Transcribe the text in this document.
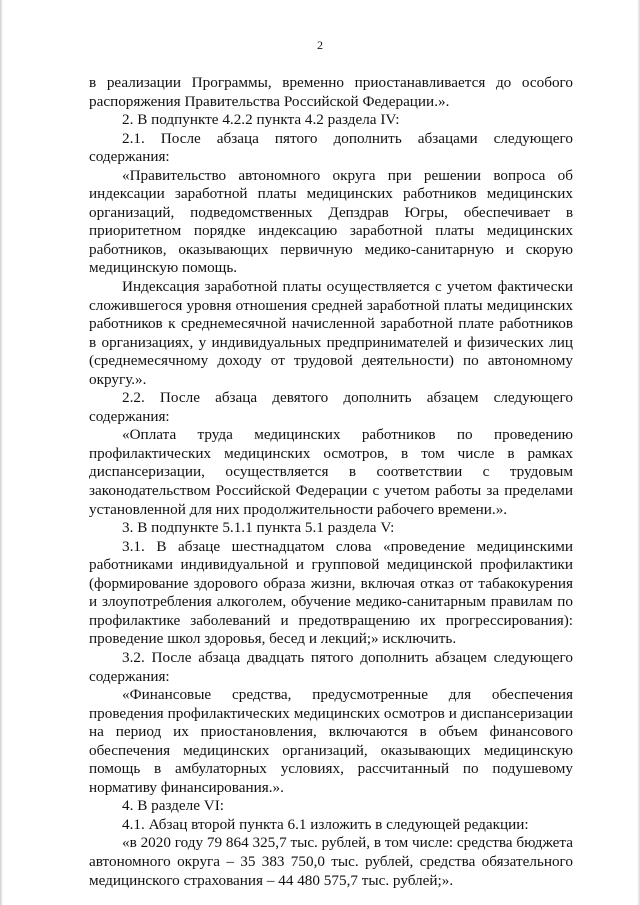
2

в реализации Программы, временно приостанавливается до особого распоряжения Правительства Российской Федерации.».

2. В подпункте 4.2.2 пункта 4.2 раздела IV:

2.1. После абзаца пятого дополнить абзацами следующего содержания:

«Правительство автономного округа при решении вопроса об индексации заработной платы медицинских работников медицинских организаций, подведомственных Депздрав Югры, обеспечивает в приоритетном порядке индексацию заработной платы медицинских работников, оказывающих первичную медико-санитарную и скорую медицинскую помощь.

Индексация заработной платы осуществляется с учетом фактически сложившегося уровня отношения средней заработной платы медицинских работников к среднемесячной начисленной заработной плате работников в организациях, у индивидуальных предпринимателей и физических лиц (среднемесячному доходу от трудовой деятельности) по автономному округу.».

2.2. После абзаца девятого дополнить абзацем следующего содержания:

«Оплата труда медицинских работников по проведению профилактических медицинских осмотров, в том числе в рамках диспансеризации, осуществляется в соответствии с трудовым законодательством Российской Федерации с учетом работы за пределами установленной для них продолжительности рабочего времени.».

3. В подпункте 5.1.1 пункта 5.1 раздела V:

3.1. В абзаце шестнадцатом слова «проведение медицинскими работниками индивидуальной и групповой медицинской профилактики (формирование здорового образа жизни, включая отказ от табакокурения и злоупотребления алкоголем, обучение медико-санитарным правилам по профилактике заболеваний и предотвращению их прогрессирования): проведение школ здоровья, бесед и лекций;» исключить.

3.2. После абзаца двадцать пятого дополнить абзацем следующего содержания:

«Финансовые средства, предусмотренные для обеспечения проведения профилактических медицинских осмотров и диспансеризации на период их приостановления, включаются в объем финансового обеспечения медицинских организаций, оказывающих медицинскую помощь в амбулаторных условиях, рассчитанный по подушевому нормативу финансирования.».

4. В разделе VI:

4.1. Абзац второй пункта 6.1 изложить в следующей редакции:

«в 2020 году 79 864 325,7 тыс. рублей, в том числе: средства бюджета автономного округа – 35 383 750,0 тыс. рублей, средства обязательного медицинского страхования – 44 480 575,7 тыс. рублей;».
